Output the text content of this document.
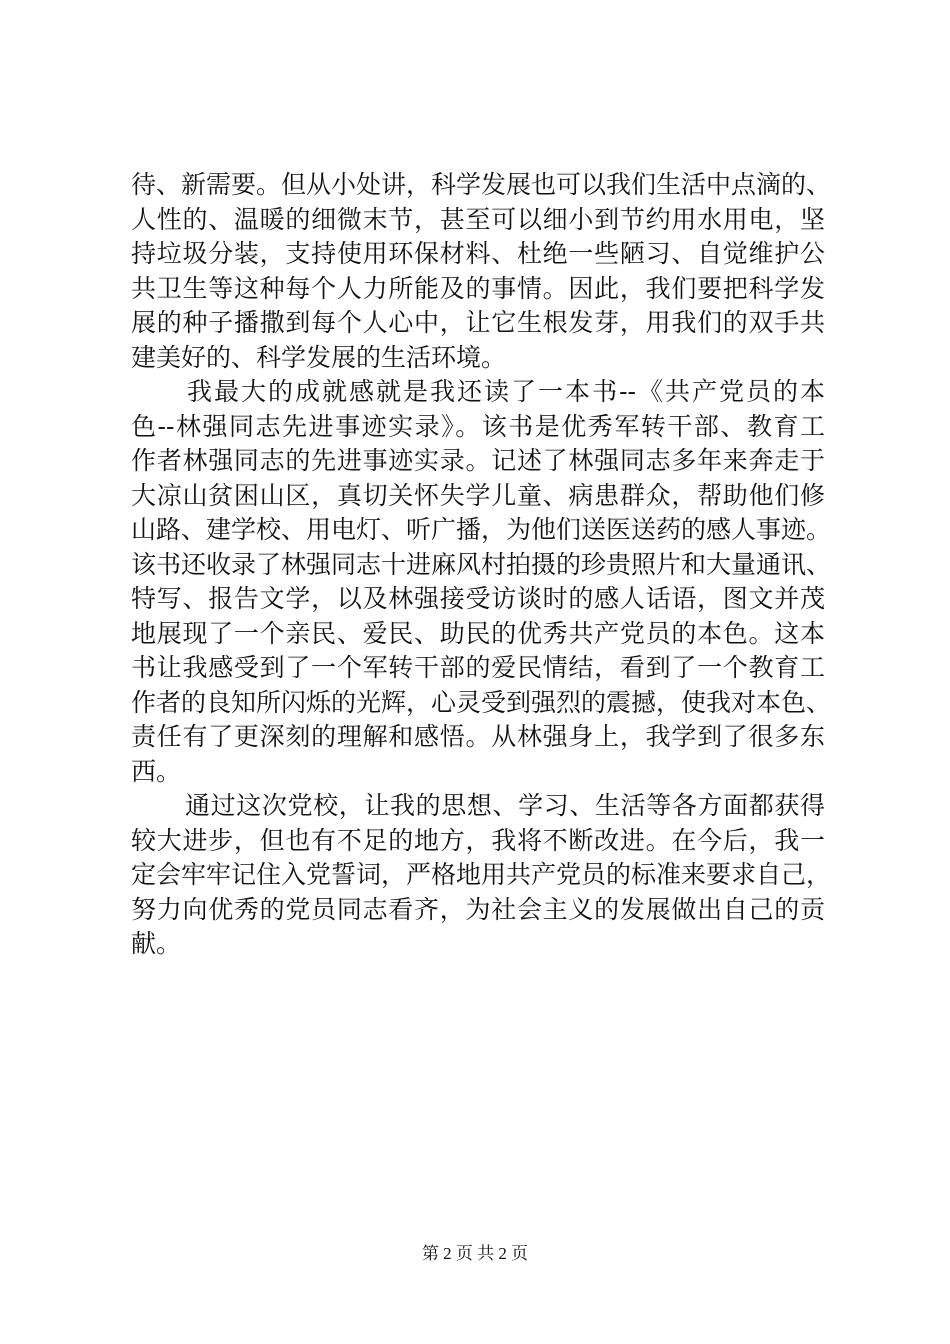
待、新需要。但从小处讲，科学发展也可以我们生活中点滴的、
人性的、温暖的细微末节，甚至可以细小到节约用水用电，坚
持垃圾分装，支持使用环保材料、杜绝一些陋习、自觉维护公
共卫生等这种每个人力所能及的事情。因此，我们要把科学发
展的种子播撒到每个人心中，让它生根发芽，用我们的双手共
建美好的、科学发展的生活环境。
我最大的成就感就是我还读了一本书--《共产党员的本
色--林强同志先进事迹实录》。该书是优秀军转干部、教育工
作者林强同志的先进事迹实录。记述了林强同志多年来奔走于
大凉山贫困山区，真切关怀失学儿童、病患群众，帮助他们修
山路、建学校、用电灯、听广播，为他们送医送药的感人事迹。
该书还收录了林强同志十进麻风村拍摄的珍贵照片和大量通讯、
特写、报告文学，以及林强接受访谈时的感人话语，图文并茂
地展现了一个亲民、爱民、助民的优秀共产党员的本色。这本
书让我感受到了一个军转干部的爱民情结，看到了一个教育工
作者的良知所闪烁的光辉，心灵受到强烈的震撼，使我对本色、
责任有了更深刻的理解和感悟。从林强身上，我学到了很多东
西。
通过这次党校，让我的思想、学习、生活等各方面都获得
较大进步，但也有不足的地方，我将不断改进。在今后，我一
定会牢牢记住入党誓词，严格地用共产党员的标准来要求自己，
努力向优秀的党员同志看齐，为社会主义的发展做出自己的贡
献。
第 2 页 共 2 页
